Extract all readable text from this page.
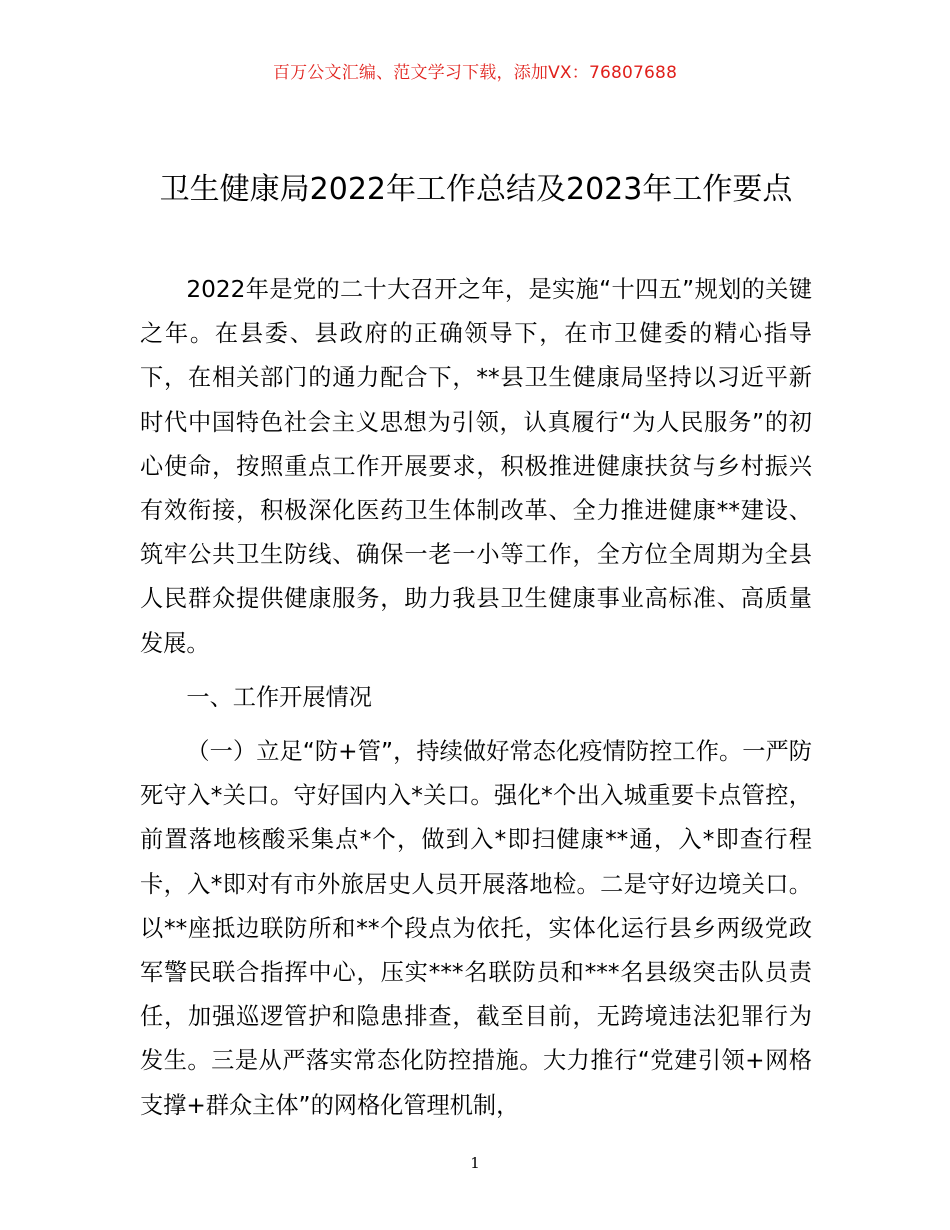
百万公文汇编、范文学习下载，添加VX：76807688
卫生健康局2022年工作总结及2023年工作要点

2022年是党的二十大召开之年，是实施“十四五”规划的关键之年。在县委、县政府的正确领导下，在市卫健委的精心指导下，在相关部门的通力配合下，**县卫生健康局坚持以习近平新时代中国特色社会主义思想为引领，认真履行“为人民服务”的初心使命，按照重点工作开展要求，积极推进健康扶贫与乡村振兴有效衔接，积极深化医药卫生体制改革、全力推进健康**建设、筑牢公共卫生防线、确保一老一小等工作，全方位全周期为全县人民群众提供健康服务，助力我县卫生健康事业高标准、高质量发展。

一、工作开展情况

（一）立足“防+管”，持续做好常态化疫情防控工作。一严防死守入*关口。守好国内入*关口。强化*个出入城重要卡点管控，前置落地核酸采集点*个，做到入*即扫健康**通，入*即查行程卡，入*即对有市外旅居史人员开展落地检。二是守好边境关口。以**座抵边联防所和**个段点为依托，实体化运行县乡两级党政军警民联合指挥中心，压实***名联防员和***名县级突击队员责任，加强巡逻管护和隐患排查，截至目前，无跨境违法犯罪行为发生。三是从严落实常态化防控措施。大力推行“党建引领+网格支撑+群众主体”的网格化管理机制，

1
